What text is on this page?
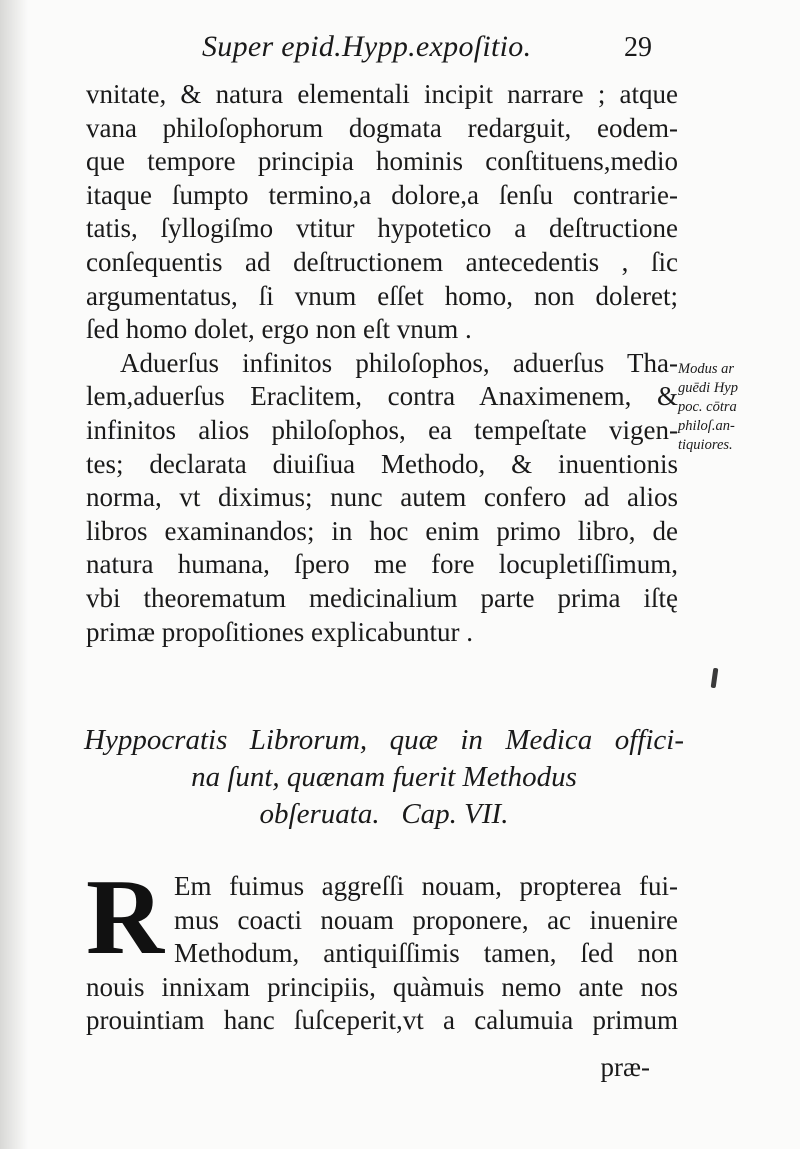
Super epid.Hypp.expoſitio.	29
vnitate, & natura elementali incipit narrare ; atque
vana philoſophorum dogmata redarguit, eodem-
que tempore principia hominis conſtituens,medio
itaque ſumpto termino,a dolore,a ſenſu contrarie-
tatis, ſyllogiſmo vtitur hypotetico a deſtructione
conſequentis ad deſtructionem antecedentis , ſic
argumentatus, ſi vnum eſſet homo, non doleret;
ſed homo dolet, ergo non eſt vnum .
Aduerſus infinitos philoſophos, aduerſus Tha-
lem,aduerſus Eraclitem, contra Anaximenem, &
infinitos alios philoſophos, ea tempeſtate vigen-
tes; declarata diuiſiua Methodo, & inuentionis
norma, vt diximus; nunc autem confero ad alios
libros examinandos; in hoc enim primo libro, de
natura humana, ſpero me fore locupletiſſimum,
vbi theorematum medicinalium parte prima iſtę
primæ propoſitiones explicabuntur .
Modus ar
guēdi Hyp
poc. cōtra
philoſ.an-
tiquiores.
Hyppocratis Librorum, quæ in Medica offici-
na ſunt, quænam fuerit Methodus
obſeruata.   Cap. VII.
R Em fuimus aggreſſi nouam, propterea fui-
mus coacti nouam proponere, ac inuenire
Methodum, antiquiſſimis tamen, ſed non
nouis innixam principiis, quàmuis nemo ante nos
prouintiam hanc ſuſceperit,vt a calumuia primum
præ-
